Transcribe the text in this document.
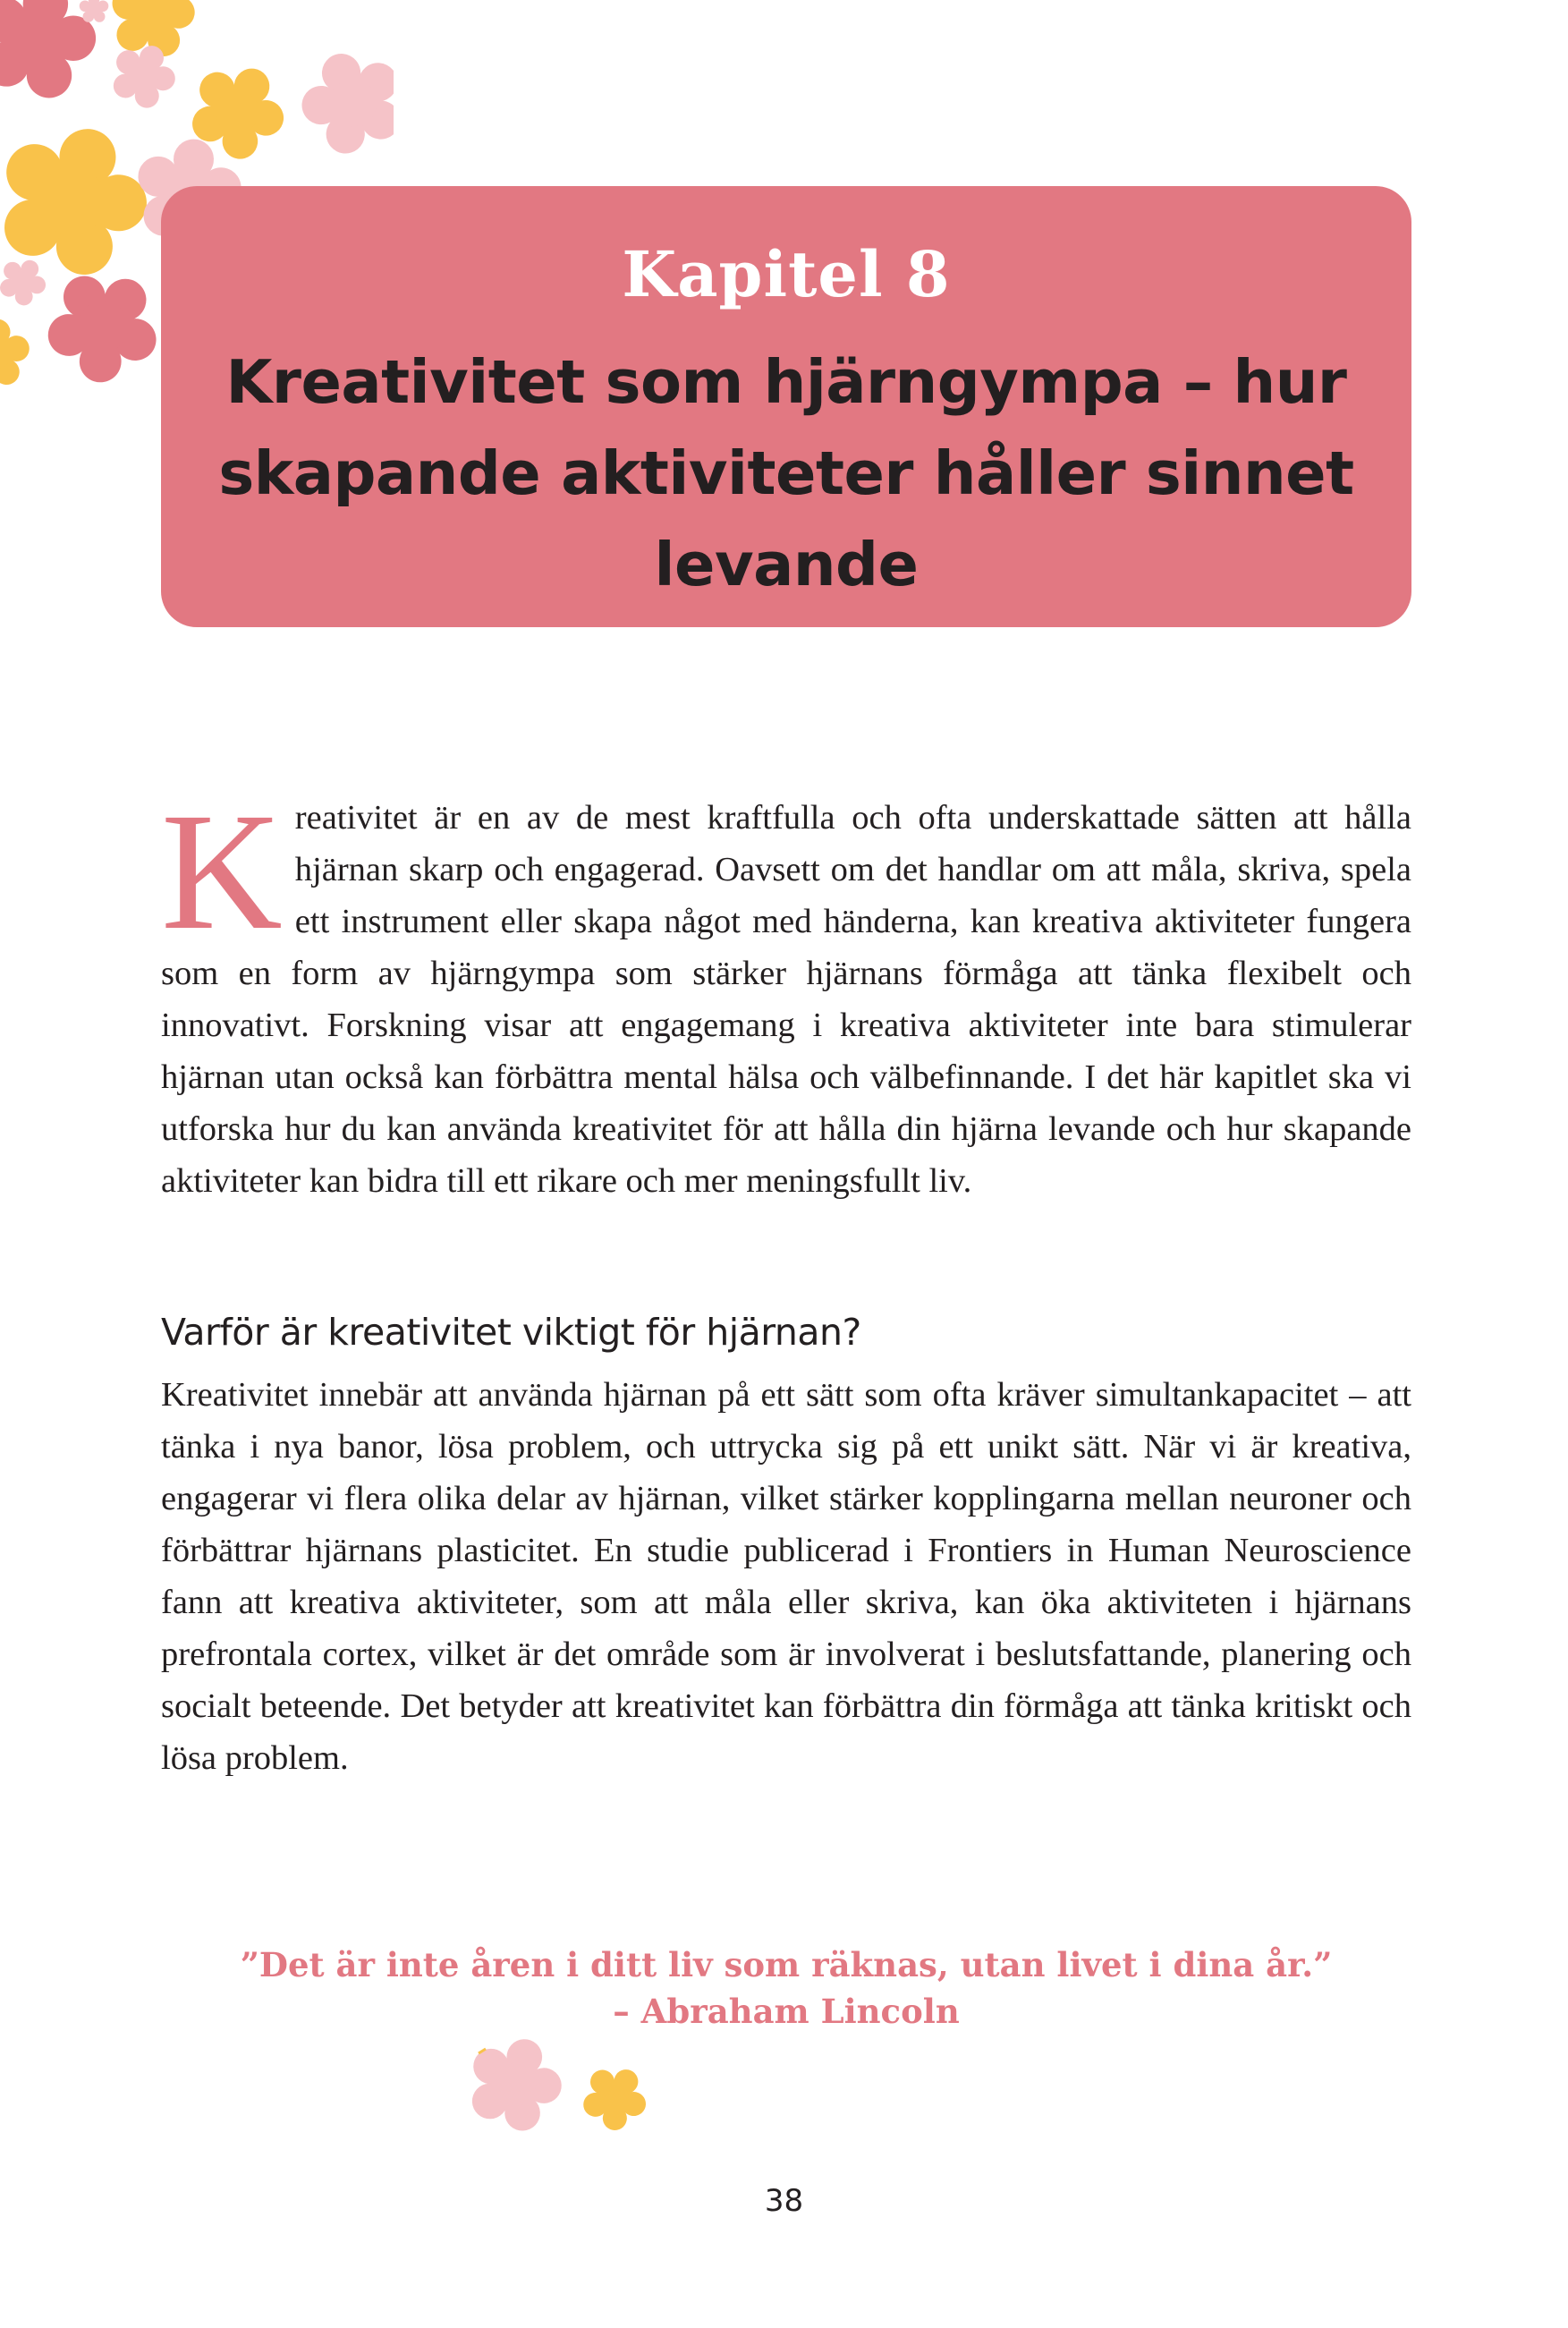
Kapitel 8

Kreativitet som hjärngympa – hur
skapande aktiviteter håller sinnet levande

K reativitet är en av de mest kraftfulla och ofta underskattade sätten att hålla hjärnan skarp och engagerad. Oavsett om det handlar om att måla, skriva, spela ett instrument eller skapa något med händerna, kan kreativa aktiviteter fungera som en form av hjärngympa som stärker hjärnans förmåga att tänka flexibelt och innovativt. Forskning visar att engagemang i kreativa aktiviteter inte bara stimulerar hjärnan utan också kan förbättra mental hälsa och välbefinnande. I det här kapitlet ska vi utforska hur du kan använda kreativitet för att hålla din hjärna levande och hur skapande aktiviteter kan bidra till ett rikare och mer meningsfullt liv.

Varför är kreativitet viktigt för hjärnan?

Kreativitet innebär att använda hjärnan på ett sätt som ofta kräver simultankapacitet – att tänka i nya banor, lösa problem, och uttrycka sig på ett unikt sätt. När vi är kreativa, engagerar vi flera olika delar av hjärnan, vilket stärker kopplingarna mellan neuroner och förbättrar hjärnans plasticitet. En studie publicerad i Frontiers in Human Neuroscience fann att kreativa aktiviteter, som att måla eller skriva, kan öka aktiviteten i hjärnans prefrontala cortex, vilket är det område som är involverat i beslutsfattande, planering och socialt beteende. Det betyder att kreativitet kan förbättra din förmåga att tänka kritiskt och lösa problem.

”Det är inte åren i ditt liv som räknas, utan livet i dina år.”

– Abraham Lincoln

38
